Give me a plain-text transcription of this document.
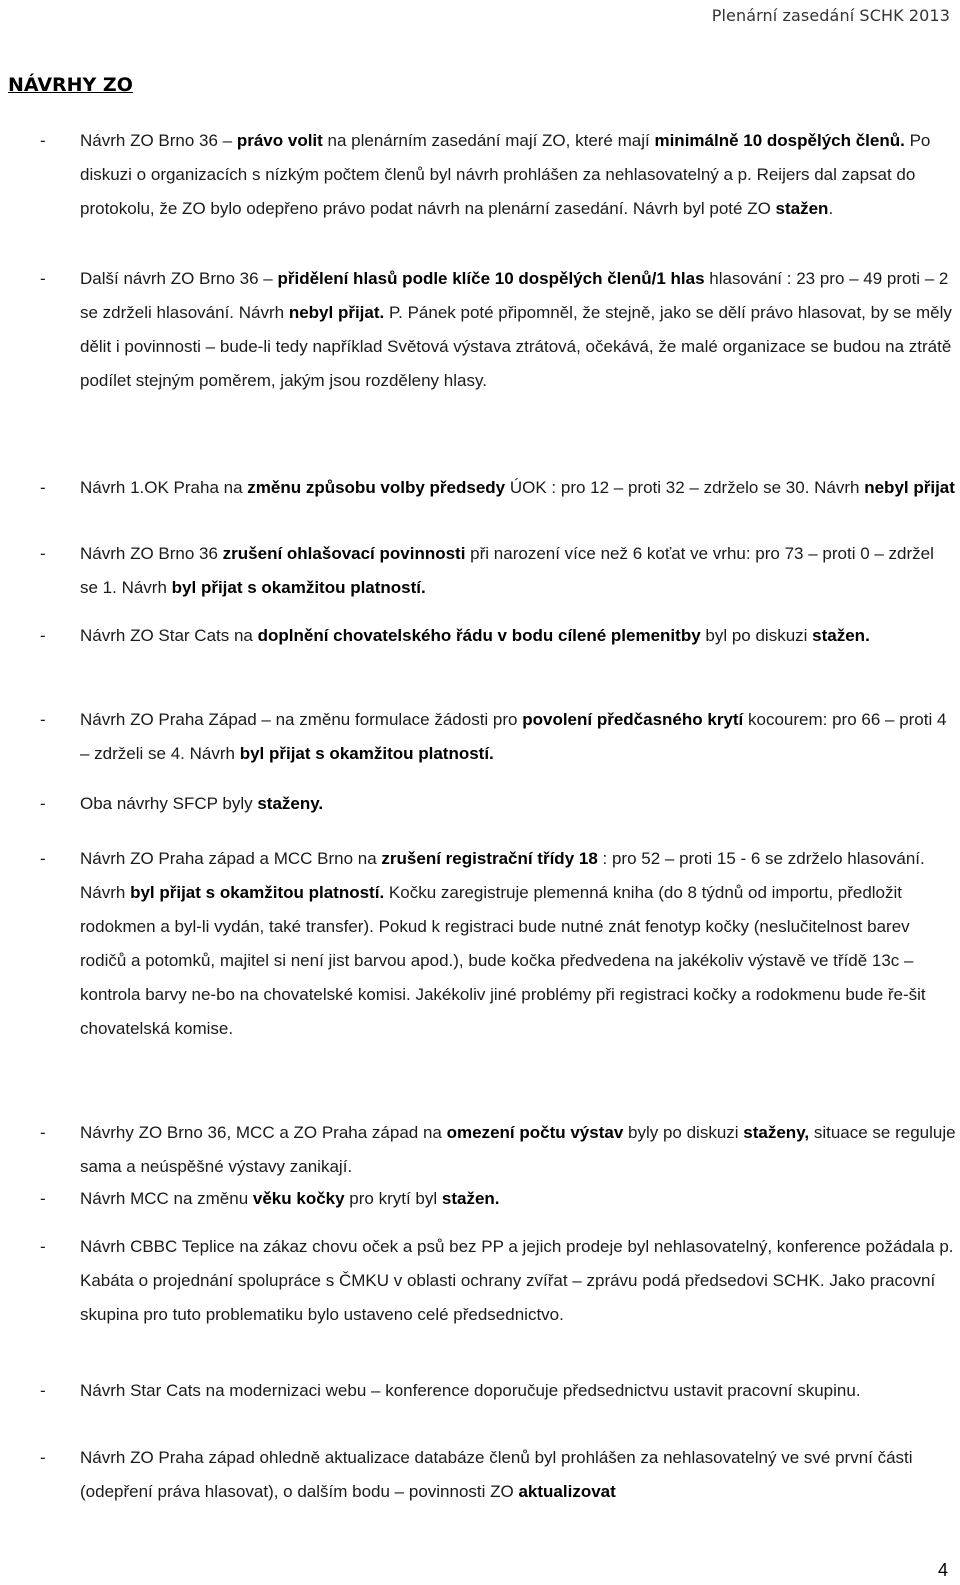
Plenární zasedání SCHK 2013
NÁVRHY ZO
- Návrh ZO Brno 36 – právo volit na plenárním zasedání mají ZO, které mají minimálně 10 dospělých členů. Po diskuzi o organizacích s nízkým počtem členů byl návrh prohlášen za nehlasovatelný a p. Reijers dal zapsat do protokolu, že ZO bylo odepřeno právo podat návrh na plenární zasedání. Návrh byl poté ZO stažen.
- Další návrh ZO Brno 36 – přidělení hlasů podle klíče 10 dospělých členů/1 hlas hlasování : 23 pro – 49 proti – 2 se zdrželi hlasování. Návrh nebyl přijat. P. Pánek poté připomněl, že stejně, jako se dělí právo hlasovat, by se měly dělit i povinnosti – bude-li tedy například Světová výstava ztrátová, očekává, že malé organizace se budou na ztrátě podílet stejným poměrem, jakým jsou rozděleny hlasy.
- Návrh 1.OK Praha na změnu způsobu volby předsedy ÚOK : pro 12 – proti 32 – zdrželo se 30. Návrh nebyl přijat
- Návrh ZO Brno 36 zrušení ohlašovací povinnosti při narození více než 6 koťat ve vrhu: pro 73 – proti 0 – zdržel se 1. Návrh byl přijat s okamžitou platností.
- Návrh ZO Star Cats na doplnění chovatelského řádu v bodu cílené plemenitby byl po diskuzi stažen.
- Návrh ZO Praha Západ – na změnu formulace žádosti pro povolení předčasného krytí kocourem: pro 66 – proti 4 – zdrželi se 4. Návrh byl přijat s okamžitou platností.
- Oba návrhy SFCP byly staženy.
- Návrh ZO Praha západ a MCC Brno na zrušení registrační třídy 18 : pro 52 – proti 15 - 6 se zdrželo hlasování. Návrh byl přijat s okamžitou platností. Kočku zaregistruje plemenná kniha (do 8 týdnů od importu, předložit rodokmen a byl-li vydán, také transfer). Pokud k registraci bude nutné znát fenotyp kočky (neslučitelnost barev rodičů a potomků, majitel si není jist barvou apod.), bude kočka předvedena na jakékoliv výstavě ve třídě 13c – kontrola barvy ne-bo na chovatelské komisi. Jakékoliv jiné problémy při registraci kočky a rodokmenu bude ře-šit chovatelská komise.
- Návrhy ZO Brno 36, MCC a ZO Praha západ na omezení počtu výstav byly po diskuzi staženy, situace se reguluje sama a neúspěšné výstavy zanikají.
- Návrh MCC na změnu věku kočky pro krytí byl stažen.
- Návrh CBBC Teplice na zákaz chovu oček a psů bez PP a jejich prodeje byl nehlasovatelný, konference požádala p. Kabáta o projednání spolupráce s ČMKU v oblasti ochrany zvířat – zprávu podá předsedovi SCHK. Jako pracovní skupina pro tuto problematiku bylo ustaveno celé předsednictvo.
- Návrh Star Cats na modernizaci webu – konference doporučuje předsednictvu ustavit pracovní skupinu.
- Návrh ZO Praha západ ohledně aktualizace databáze členů byl prohlášen za nehlasovatelný ve své první části (odepření práva hlasovat), o dalším bodu – povinnosti ZO aktualizovat
4
